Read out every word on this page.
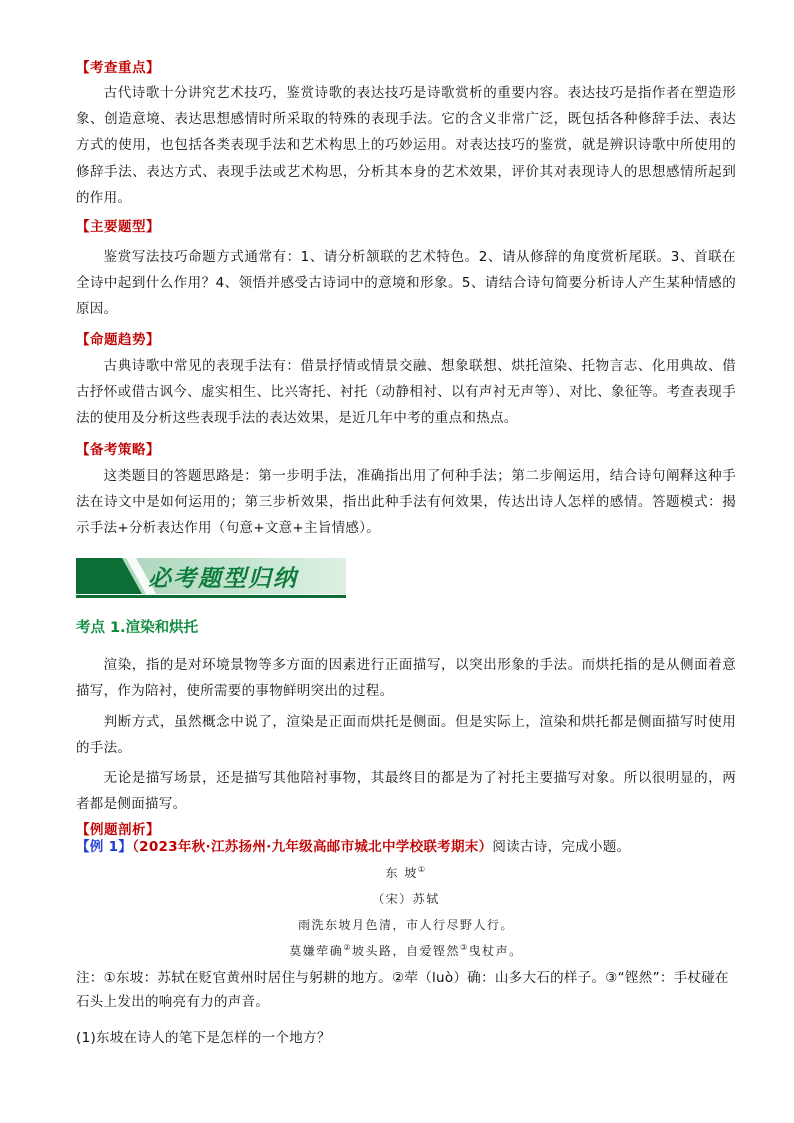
【考查重点】
古代诗歌十分讲究艺术技巧，鉴赏诗歌的表达技巧是诗歌赏析的重要内容。表达技巧是指作者在塑造形象、创造意境、表达思想感情时所采取的特殊的表现手法。它的含义非常广泛，既包括各种修辞手法、表达方式的使用，也包括各类表现手法和艺术构思上的巧妙运用。对表达技巧的鉴赏，就是辨识诗歌中所使用的修辞手法、表达方式、表现手法或艺术构思，分析其本身的艺术效果，评价其对表现诗人的思想感情所起到的作用。
【主要题型】
鉴赏写法技巧命题方式通常有：1、请分析颔联的艺术特色。2、请从修辞的角度赏析尾联。3、首联在全诗中起到什么作用？4、领悟并感受古诗词中的意境和形象。5、请结合诗句简要分析诗人产生某种情感的原因。
【命题趋势】
古典诗歌中常见的表现手法有：借景抒情或情景交融、想象联想、烘托渲染、托物言志、化用典故、借古抒怀或借古讽今、虚实相生、比兴寄托、衬托（动静相衬、以有声衬无声等）、对比、象征等。考查表现手法的使用及分析这些表现手法的表达效果，是近几年中考的重点和热点。
【备考策略】
这类题目的答题思路是：第一步明手法，准确指出用了何种手法；第二步阐运用，结合诗句阐释这种手法在诗文中是如何运用的；第三步析效果，指出此种手法有何效果，传达出诗人怎样的感情。答题模式：揭示手法+分析表达作用（句意+文意+主旨情感）。
必考题型归纳
考点 1.渲染和烘托
渲染，指的是对环境景物等多方面的因素进行正面描写，以突出形象的手法。而烘托指的是从侧面着意描写，作为陪衬，使所需要的事物鲜明突出的过程。
判断方式，虽然概念中说了，渲染是正面而烘托是侧面。但是实际上，渲染和烘托都是侧面描写时使用的手法。
无论是描写场景，还是描写其他陪衬事物，其最终目的都是为了衬托主要描写对象。所以很明显的，两者都是侧面描写。
【例题剖析】
【例 1】（2023年秋·江苏扬州·九年级高邮市城北中学校联考期末）阅读古诗，完成小题。
东 坡①
（宋）苏轼
雨洗东坡月色清，市人行尽野人行。
莫嫌荦确②坡头路，自爱铿然③曳杖声。
注：①东坡：苏轼在贬官黄州时居住与躬耕的地方。②荦（luò）确：山多大石的样子。③“铿然”：手杖碰在石头上发出的响亮有力的声音。
(1)东坡在诗人的笔下是怎样的一个地方？
